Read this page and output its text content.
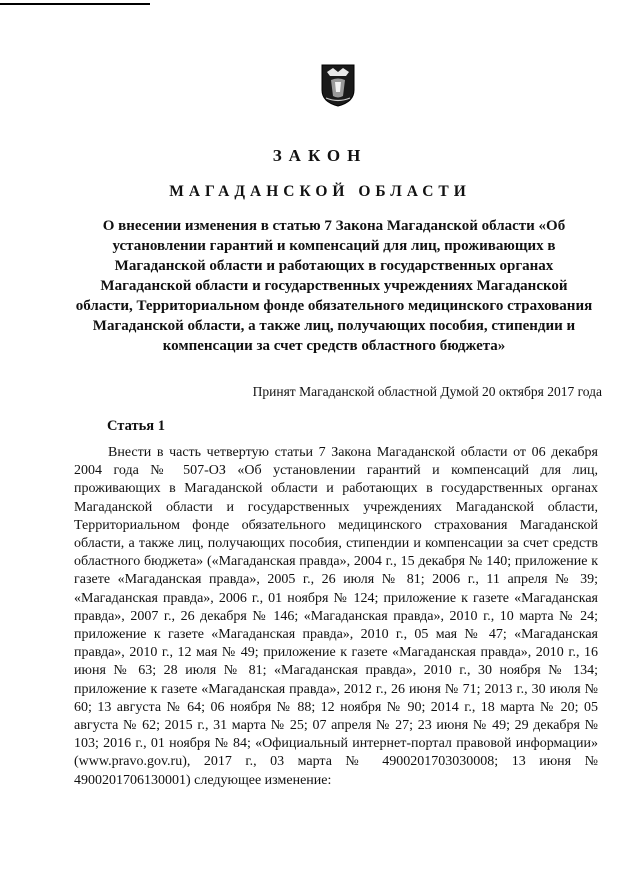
ЗАКОН
МАГАДАНСКОЙ ОБЛАСТИ
О внесении изменения в статью 7 Закона Магаданской области «Об установлении гарантий и компенсаций для лиц, проживающих в Магаданской области и работающих в государственных органах Магаданской области и государственных учреждениях Магаданской области, Территориальном фонде обязательного медицинского страхования Магаданской области, а также лиц, получающих пособия, стипендии и компенсации за счет средств областного бюджета»
Принят Магаданской областной Думой 20 октября 2017 года
Статья 1

Внести в часть четвертую статьи 7 Закона Магаданской области от 06 декабря 2004 года № 507-ОЗ «Об установлении гарантий и компенсаций для лиц, проживающих в Магаданской области и работающих в государственных органах Магаданской области и государственных учреждениях Магаданской области, Территориальном фонде обязательного медицинского страхования Магаданской области, а также лиц, получающих пособия, стипендии и компенсации за счет средств областного бюджета» («Магаданская правда», 2004 г., 15 декабря № 140; приложение к газете «Магаданская правда», 2005 г., 26 июля № 81; 2006 г., 11 апреля № 39; «Магаданская правда», 2006 г., 01 ноября № 124; приложение к газете «Магаданская правда», 2007 г., 26 декабря № 146; «Магаданская правда», 2010 г., 10 марта № 24; приложение к газете «Магаданская правда», 2010 г., 05 мая № 47; «Магаданская правда», 2010 г., 12 мая № 49; приложение к газете «Магаданская правда», 2010 г., 16 июня № 63; 28 июля № 81; «Магаданская правда», 2010 г., 30 ноября № 134; приложение к газете «Магаданская правда», 2012 г., 26 июня № 71; 2013 г., 30 июля № 60; 13 августа № 64; 06 ноября № 88; 12 ноября № 90; 2014 г., 18 марта № 20; 05 августа № 62; 2015 г., 31 марта № 25; 07 апреля № 27; 23 июня № 49; 29 декабря № 103; 2016 г., 01 ноября № 84; «Официальный интернет-портал правовой информации» (www.pravo.gov.ru), 2017 г., 03 марта № 4900201703030008; 13 июня № 4900201706130001) следующее изменение:
